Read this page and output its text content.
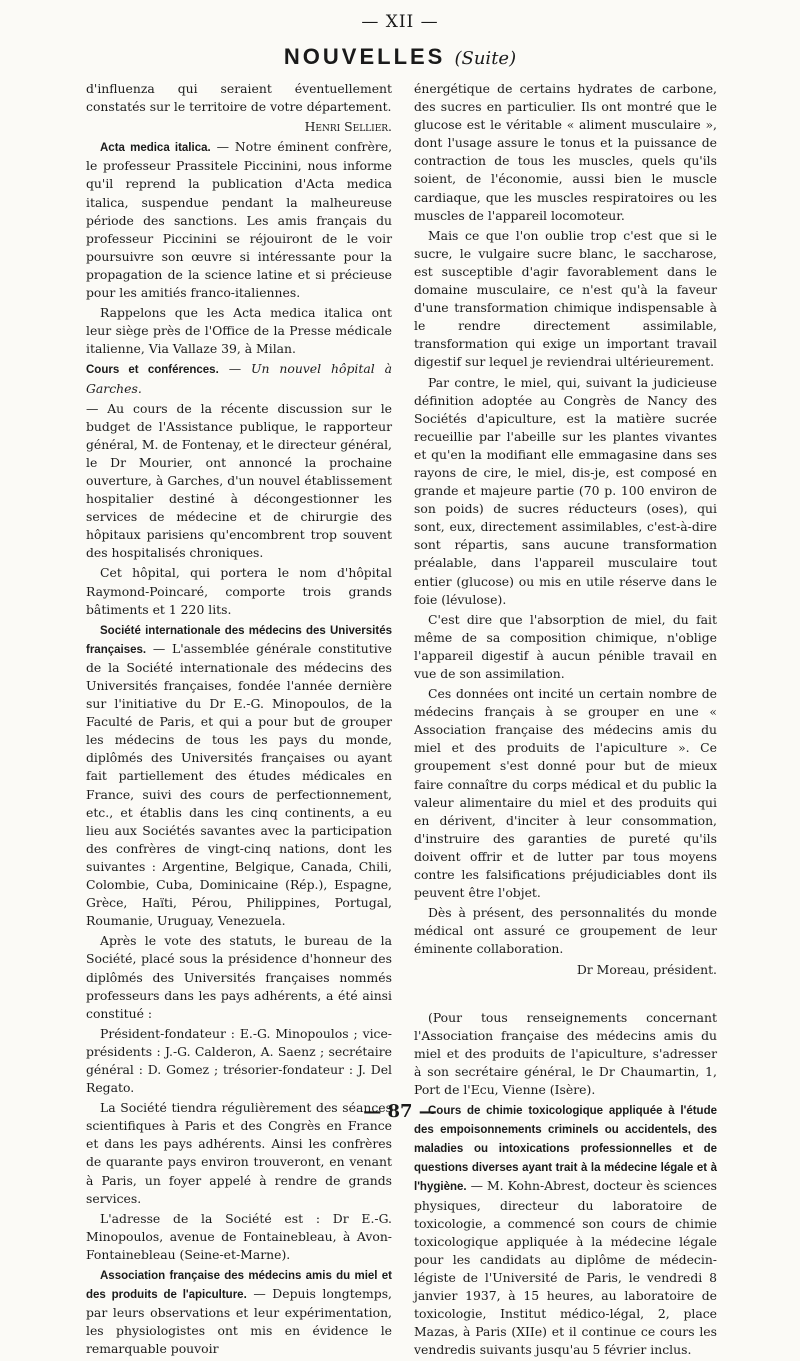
— XII —
NOUVELLES (Suite)

d'influenza qui seraient éventuellement constatés sur le territoire de votre département.

Henri Sellier.

Acta medica italica. — Notre éminent confrère, le professeur Prassitele Piccinini, nous informe qu'il reprend la publication d'Acta medica italica, suspendue pendant la malheureuse période des sanctions. Les amis français du professeur Piccinini se réjouiront de le voir poursuivre son œuvre si intéressante pour la propagation de la science latine et si précieuse pour les amitiés franco-italiennes.

Rappelons que les Acta medica italica ont leur siège près de l'Office de la Presse médicale italienne, Via Vallaze 39, à Milan.

Cours et conférences. — Un nouvel hôpital à Garches.

— Au cours de la récente discussion sur le budget de l'Assistance publique, le rapporteur général, M. de Fontenay, et le directeur général, le Dr Mourier, ont annoncé la prochaine ouverture, à Garches, d'un nouvel établissement hospitalier destiné à décongestionner les services de médecine et de chirurgie des hôpitaux parisiens qu'encombrent trop souvent des hospitalisés chroniques.

Cet hôpital, qui portera le nom d'hôpital Raymond-Poincaré, comporte trois grands bâtiments et 1 220 lits.

Société internationale des médecins des Universités françaises. — L'assemblée générale constitutive de la Société internationale des médecins des Universités françaises, fondée l'année dernière sur l'initiative du Dr E.-G. Minopoulos, de la Faculté de Paris, et qui a pour but de grouper les médecins de tous les pays du monde, diplômés des Universités françaises ou ayant fait partiellement des études médicales en France, suivi des cours de perfectionnement, etc., et établis dans les cinq continents, a eu lieu aux Sociétés savantes avec la participation des confrères de vingt-cinq nations, dont les suivantes : Argentine, Belgique, Canada, Chili, Colombie, Cuba, Dominicaine (Rép.), Espagne, Grèce, Haïti, Pérou, Philippines, Portugal, Roumanie, Uruguay, Venezuela.

Après le vote des statuts, le bureau de la Société, placé sous la présidence d'honneur des diplômés des Universités françaises nommés professeurs dans les pays adhérents, a été ainsi constitué :

Président-fondateur : E.-G. Minopoulos ; vice-présidents : J.-G. Calderon, A. Saenz ; secrétaire général : D. Gomez ; trésorier-fondateur : J. Del Regato.

La Société tiendra régulièrement des séances scientifiques à Paris et des Congrès en France et dans les pays adhérents. Ainsi les confrères de quarante pays environ trouveront, en venant à Paris, un foyer appelé à rendre de grands services.

L'adresse de la Société est : Dr E.-G. Minopoulos, avenue de Fontainebleau, à Avon-Fontainebleau (Seine-et-Marne).

Association française des médecins amis du miel et des produits de l'apiculture. — Depuis longtemps, par leurs observations et leur expérimentation, les physiologistes ont mis en évidence le remarquable pouvoir

énergétique de certains hydrates de carbone, des sucres en particulier. Ils ont montré que le glucose est le véritable « aliment musculaire », dont l'usage assure le tonus et la puissance de contraction de tous les muscles, quels qu'ils soient, de l'économie, aussi bien le muscle cardiaque, que les muscles respiratoires ou les muscles de l'appareil locomoteur.

Mais ce que l'on oublie trop c'est que si le sucre, le vulgaire sucre blanc, le saccharose, est susceptible d'agir favorablement dans le domaine musculaire, ce n'est qu'à la faveur d'une transformation chimique indispensable à le rendre directement assimilable, transformation qui exige un important travail digestif sur lequel je reviendrai ultérieurement.

Par contre, le miel, qui, suivant la judicieuse définition adoptée au Congrès de Nancy des Sociétés d'apiculture, est la matière sucrée recueillie par l'abeille sur les plantes vivantes et qu'en la modifiant elle emmagasine dans ses rayons de cire, le miel, dis-je, est composé en grande et majeure partie (70 p. 100 environ de son poids) de sucres réducteurs (oses), qui sont, eux, directement assimilables, c'est-à-dire sont répartis, sans aucune transformation préalable, dans l'appareil musculaire tout entier (glucose) ou mis en utile réserve dans le foie (lévulose).

C'est dire que l'absorption de miel, du fait même de sa composition chimique, n'oblige l'appareil digestif à aucun pénible travail en vue de son assimilation.

Ces données ont incité un certain nombre de médecins français à se grouper en une « Association française des médecins amis du miel et des produits de l'apiculture ». Ce groupement s'est donné pour but de mieux faire connaître du corps médical et du public la valeur alimentaire du miel et des produits qui en dérivent, d'inciter à leur consommation, d'instruire des garanties de pureté qu'ils doivent offrir et de lutter par tous moyens contre les falsifications préjudiciables dont ils peuvent être l'objet.

Dès à présent, des personnalités du monde médical ont assuré ce groupement de leur éminente collaboration.

Dr Moreau, président.

(Pour tous renseignements concernant l'Association française des médecins amis du miel et des produits de l'apiculture, s'adresser à son secrétaire général, le Dr Chaumartin, 1, Port de l'Ecu, Vienne (Isère).

Cours de chimie toxicologique appliquée à l'étude des empoisonnements criminels ou accidentels, des maladies ou intoxications professionnelles et de questions diverses ayant trait à la médecine légale et à l'hygiène. — M. Kohn-Abrest, docteur ès sciences physiques, directeur du laboratoire de toxicologie, a commencé son cours de chimie toxicologique appliquée à la médecine légale pour les candidats au diplôme de médecin-légiste de l'Université de Paris, le vendredi 8 janvier 1937, à 15 heures, au laboratoire de toxicologie, Institut médico-légal, 2, place Mazas, à Paris (XIIe) et il continue ce cours les vendredis suivants jusqu'au 5 février inclus.

— 87 —
